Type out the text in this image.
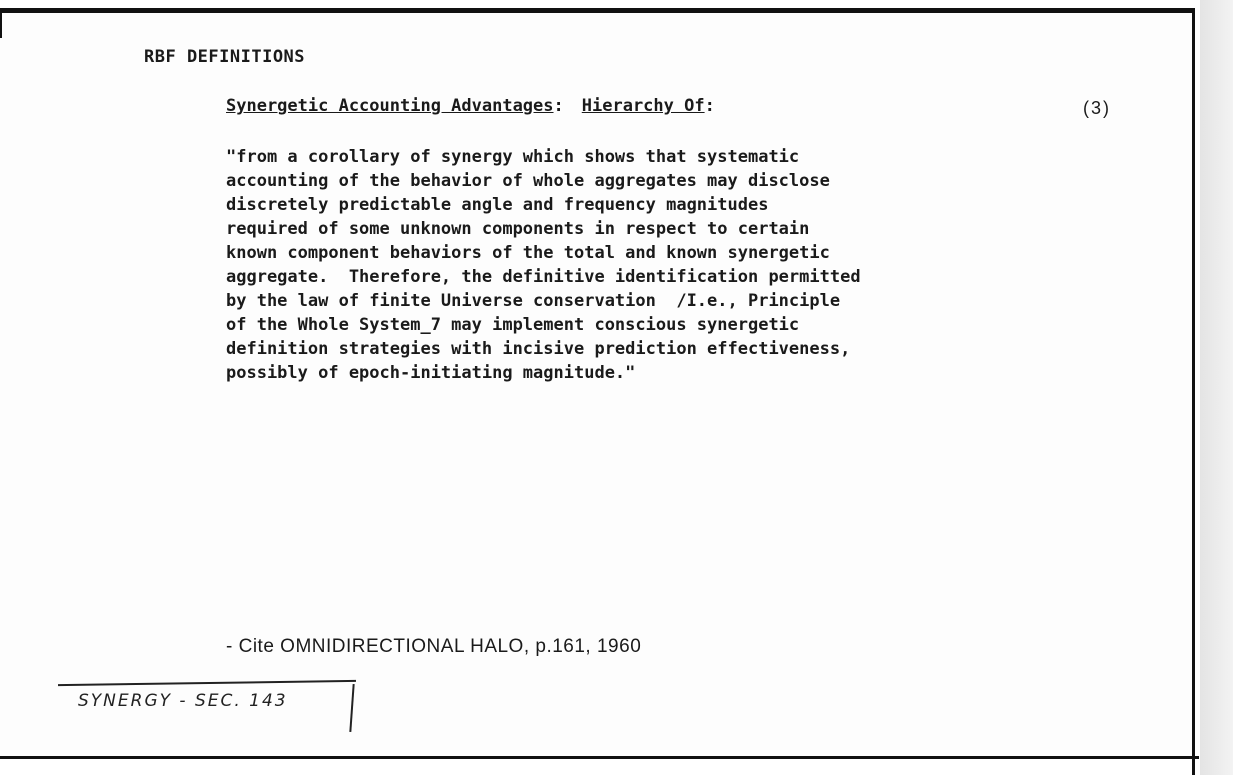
RBF DEFINITIONS
Synergetic Accounting Advantages: Hierarchy Of:	(3)
"from a corollary of synergy which shows that systematic
accounting of the behavior of whole aggregates may disclose
discretely predictable angle and frequency magnitudes
required of some unknown components in respect to certain
known component behaviors of the total and known synergetic
aggregate.  Therefore, the definitive identification permitted
by the law of finite Universe conservation  /I.e., Principle
of the Whole System_7 may implement conscious synergetic
definition strategies with incisive prediction effectiveness,
possibly of epoch-initiating magnitude."
- Cite OMNIDIRECTIONAL HALO, p.161, 1960
SYNERGY - SEC. 143
